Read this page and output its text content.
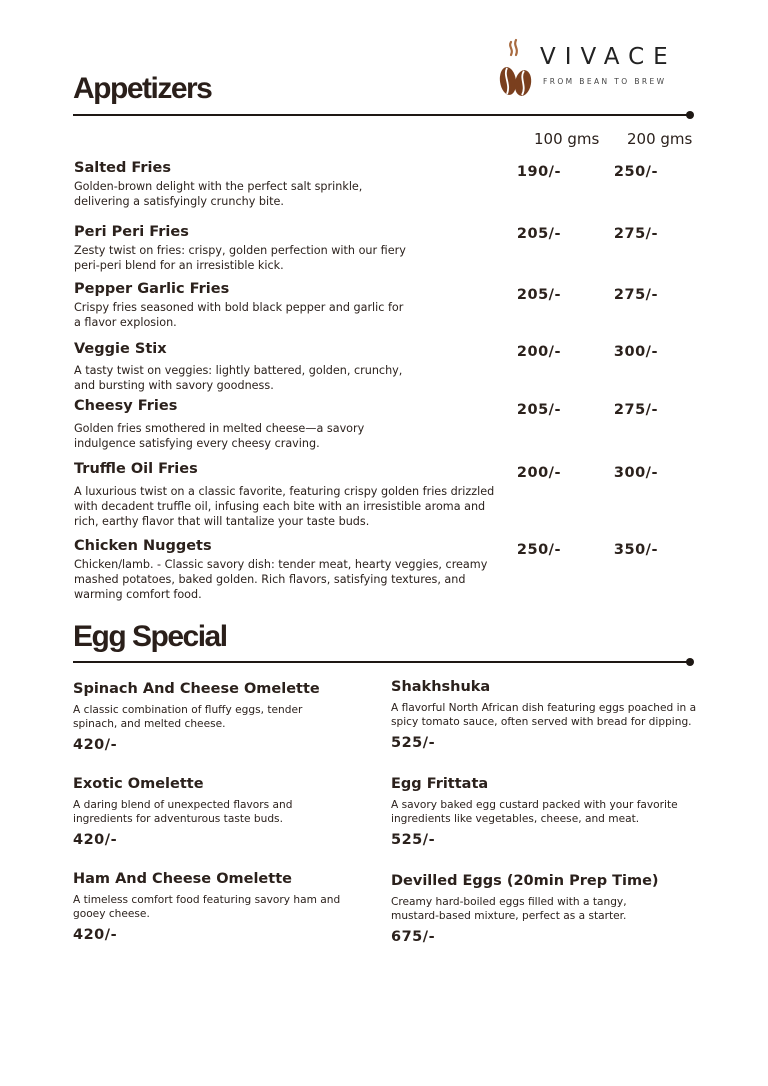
VIVACE

FROM BEAN TO BREW

Appetizers
100 gms 200 gms

Salted Fries

Golden-brown delight with the perfect salt sprinkle,
delivering a satisfyingly crunchy bite.

190/-	250/-

Peri Peri Fries

Zesty twist on fries: crispy, golden perfection with our fiery
peri-peri blend for an irresistible kick.

205/-	275/-

Pepper Garlic Fries

Crispy fries seasoned with bold black pepper and garlic for
a flavor explosion.

205/-	275/-

Veggie Stix

A tasty twist on veggies: lightly battered, golden, crunchy,
and bursting with savory goodness.

200/-	300/-

Cheesy Fries

Golden fries smothered in melted cheese—a savory
indulgence satisfying every cheesy craving.

205/-	275/-

Truffle Oil Fries

A luxurious twist on a classic favorite, featuring crispy golden fries drizzled
with decadent truffle oil, infusing each bite with an irresistible aroma and
rich, earthy flavor that will tantalize your taste buds.

200/-	300/-

Chicken Nuggets

Chicken/lamb. - Classic savory dish: tender meat, hearty veggies, creamy
mashed potatoes, baked golden. Rich flavors, satisfying textures, and
warming comfort food.

250/-	350/-
Egg Special

Spinach And Cheese Omelette

A classic combination of fluffy eggs, tender
spinach, and melted cheese.

420/-

Shakhshuka

A flavorful North African dish featuring eggs poached in a
spicy tomato sauce, often served with bread for dipping.

525/-

Exotic Omelette

A daring blend of unexpected flavors and
ingredients for adventurous taste buds.

420/-

Egg Frittata

A savory baked egg custard packed with your favorite
ingredients like vegetables, cheese, and meat.

525/-

Ham And Cheese Omelette

A timeless comfort food featuring savory ham and
gooey cheese.

420/-

Devilled Eggs (20min Prep Time)

Creamy hard-boiled eggs filled with a tangy,
mustard-based mixture, perfect as a starter.

675/-
